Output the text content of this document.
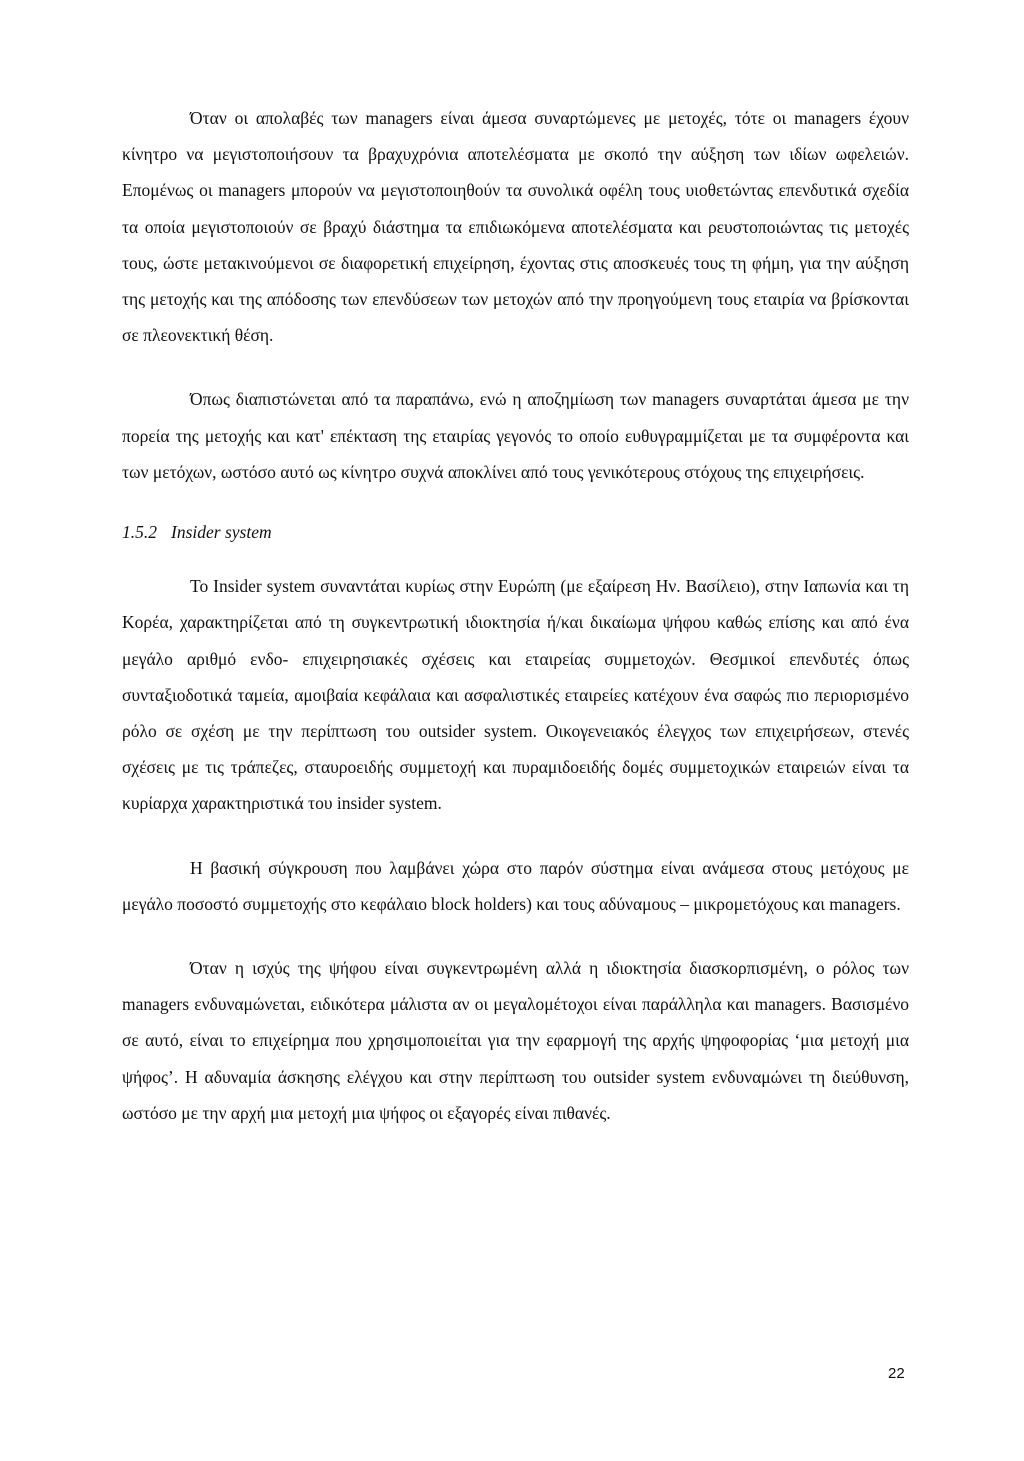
Όταν οι απολαβές των managers είναι άμεσα συναρτώμενες με μετοχές, τότε οι managers έχουν κίνητρο να μεγιστοποιήσουν τα βραχυχρόνια αποτελέσματα με σκοπό την αύξηση των ιδίων ωφελειών. Επομένως οι managers μπορούν να μεγιστοποιηθούν τα συνολικά οφέλη τους υιοθετώντας επενδυτικά σχεδία τα οποία μεγιστοποιούν σε βραχύ διάστημα τα επιδιωκόμενα αποτελέσματα και ρευστοποιώντας τις μετοχές τους, ώστε μετακινούμενοι σε διαφορετική επιχείρηση, έχοντας στις αποσκευές τους τη φήμη, για την αύξηση της μετοχής και της απόδοσης των επενδύσεων των μετοχών από την προηγούμενη τους εταιρία να βρίσκονται σε πλεονεκτική θέση.

Όπως διαπιστώνεται από τα παραπάνω, ενώ η αποζημίωση των managers συναρτάται άμεσα με την πορεία της μετοχής και κατ' επέκταση της εταιρίας γεγονός το οποίο ευθυγραμμίζεται με τα συμφέροντα και των μετόχων, ωστόσο αυτό ως κίνητρο συχνά αποκλίνει από τους γενικότερους στόχους της επιχειρήσεις.

1.5.2 Insider system

Το Insider system συναντάται κυρίως στην Ευρώπη (με εξαίρεση Ην. Βασίλειο), στην Ιαπωνία και τη Κορέα, χαρακτηρίζεται από τη συγκεντρωτική ιδιοκτησία ή/και δικαίωμα ψήφου καθώς επίσης και από ένα μεγάλο αριθμό ενδο- επιχειρησιακές σχέσεις και εταιρείας συμμετοχών. Θεσμικοί επενδυτές όπως συνταξιοδοτικά ταμεία, αμοιβαία κεφάλαια και ασφαλιστικές εταιρείες κατέχουν ένα σαφώς πιο περιορισμένο ρόλο σε σχέση με την περίπτωση του outsider system. Οικογενειακός έλεγχος των επιχειρήσεων, στενές σχέσεις με τις τράπεζες, σταυροειδής συμμετοχή και πυραμιδοειδής δομές συμμετοχικών εταιρειών είναι τα κυρίαρχα χαρακτηριστικά του insider system.

Η βασική σύγκρουση που λαμβάνει χώρα στο παρόν σύστημα είναι ανάμεσα στους μετόχους με μεγάλο ποσοστό συμμετοχής στο κεφάλαιο block holders) και τους αδύναμους – μικρομετόχους και managers.

Όταν η ισχύς της ψήφου είναι συγκεντρωμένη αλλά η ιδιοκτησία διασκορπισμένη, ο ρόλος των managers ενδυναμώνεται, ειδικότερα μάλιστα αν οι μεγαλομέτοχοι είναι παράλληλα και managers. Βασισμένο σε αυτό, είναι το επιχείρημα που χρησιμοποιείται για την εφαρμογή της αρχής ψηφοφορίας ‘μια μετοχή μια ψήφος’. Η αδυναμία άσκησης ελέγχου και στην περίπτωση του outsider system ενδυναμώνει τη διεύθυνση, ωστόσο με την αρχή μια μετοχή μια ψήφος οι εξαγορές είναι πιθανές.

22
